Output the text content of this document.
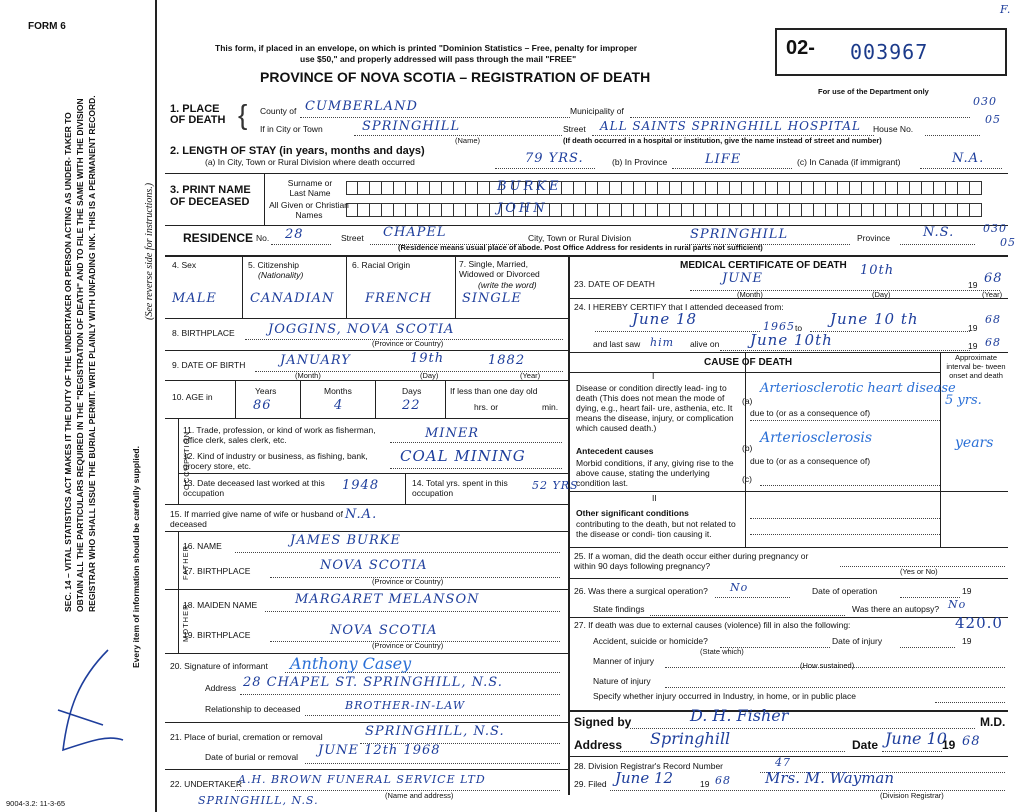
FORM 6
This form, if placed in an envelope, on which is printed "Dominion Statistics – Free, penalty for improper
use $50," and properly addressed will pass through the mail "FREE"
PROVINCE OF NOVA SCOTIA – REGISTRATION OF DEATH
02- 003967
F.
For use of the Department only
SEC. 14 – VITAL STATISTICS ACT MAKES IT THE DUTY OF THE UNDERTAKER OR PERSON ACTING AS UNDER- TAKER TO OBTAIN ALL THE PARTICULARS REQUIRED IN THE "REGISTRATION OF DEATH" AND TO FILE THE SAME WITH THE DIVISION REGISTRAR WHO SHALL ISSUE THE BURIAL PERMIT. WRITE PLAINLY WITH UNFADING INK. THIS IS A PERMANENT RECORD.	Every item of information should be carefully supplied.
(See reverse side for instructions.)
9004-3.2: 11-3-65
1. PLACE OF DEATH { County of CUMBERLAND	Municipality of
030
If in City or Town	SPRINGHILL
(Name)
Street ALL SAINTS SPRINGHILL HOSPITAL House No.
05
(If death occurred in a hospital or institution, give the name instead of street and number)
2. LENGTH OF STAY (in years, months and days)
(a) In City, Town or Rural Division where death occurred	79 YRS.	(b) In Province	LIFE	(c) In Canada (if immigrant)	N.A.
3. PRINT NAME OF DECEASED
Surname or Last Name
All Given or Christian Names
BURKE
JOHN
RESIDENCE No. 28	Street CHAPEL	City, Town or Rural Division	SPRINGHILL	Province	N.S.	030
05
(Residence means usual place of abode. Post Office Address for residents in rural parts not sufficient)
4. Sex
MALE
5. Citizenship
(Nationality)
CANADIAN
6. Racial Origin
FRENCH
7. Single, Married, Widowed or Divorced
(write the word)
SINGLE
8. BIRTHPLACE	JOGGINS, NOVA SCOTIA
(Province or Country)
9. DATE OF BIRTH	JANUARY	19th	1882
(Month)	(Day)	(Year)
10. AGE in
Years	Months	Days
86	4	22
If less than one day old
hrs. or	min.
OCCUPATION
11. Trade, profession, or kind of work as fisherman, office clerk, sales clerk, etc.	MINER
12. Kind of industry or business, as fishing, bank, grocery store, etc.
COAL MINING
13. Date deceased last worked at this occupation	1948	14. Total yrs. spent in this occupation
52 YRS
15. If married give name of wife or husband of deceased
N.A.
FATHER
16. NAME	JAMES BURKE
17. BIRTHPLACE	NOVA SCOTIA
(Province or Country)
MOTHER
18. MAIDEN NAME	MARGARET MELANSON
19. BIRTHPLACE	NOVA SCOTIA
(Province or Country)
20. Signature of informant Anthony Casey
Address 28 CHAPEL ST. SPRINGHILL, N.S.
Relationship to deceased	BROTHER-IN-LAW
21. Place of burial, cremation or removal	SPRINGHILL, N.S.
Date of burial or removal JUNE 12th 1968
22. UNDERTAKER
A.H. BROWN FUNERAL SERVICE LTD
SPRINGHILL, N.S.	(Name and address)
MEDICAL CERTIFICATE OF DEATH
23. DATE OF DEATH	JUNE
10th
19 68
(Month)	(Day)	(Year)
24. I HEREBY CERTIFY that I attended deceased from:
June 18	1965 to June 10 th	19
68
and last saw him alive on June 10th	19 68
CAUSE OF DEATH	Approximate interval be- tween onset and death
I
Disease or condition directly lead- ing to death (This does not mean the mode of dying, e.g., heart fail- ure, asthenia, etc. It means the disease, injury, or complication which caused death.)
(a)
Arteriosclerotic heart disease
5 yrs.
due to (or as a consequence of)
Antecedent causes
Morbid conditions, if any, giving rise to the above cause, stating the underlying condition last.
(b)
Arteriosclerosis	years
due to (or as a consequence of)
(c)
II
Other significant conditions
contributing to the death, but not related to the disease or condi- tion causing it.
25. If a woman, did the death occur either during pregnancy or within 90 days following pregnancy?
(Yes or No)
26. Was there a surgical operation? No	Date of operation	19
State findings	Was there an autopsy? No
27. If death was due to external causes (violence) fill in also the following:	420.0
Accident, suicide or homicide?	Date of injury	19
(State which)
Manner of injury	(How sustained)
Nature of injury
Specify whether injury occurred in Industry, in home, or in public place
Signed by	D. H. Fisher	M.D.
Address Springhill	Date June 10
19 68
28. Division Registrar's Record Number	47
29. Filed June 12	19 68 Mrs. M. Wayman
(Division Registrar)
